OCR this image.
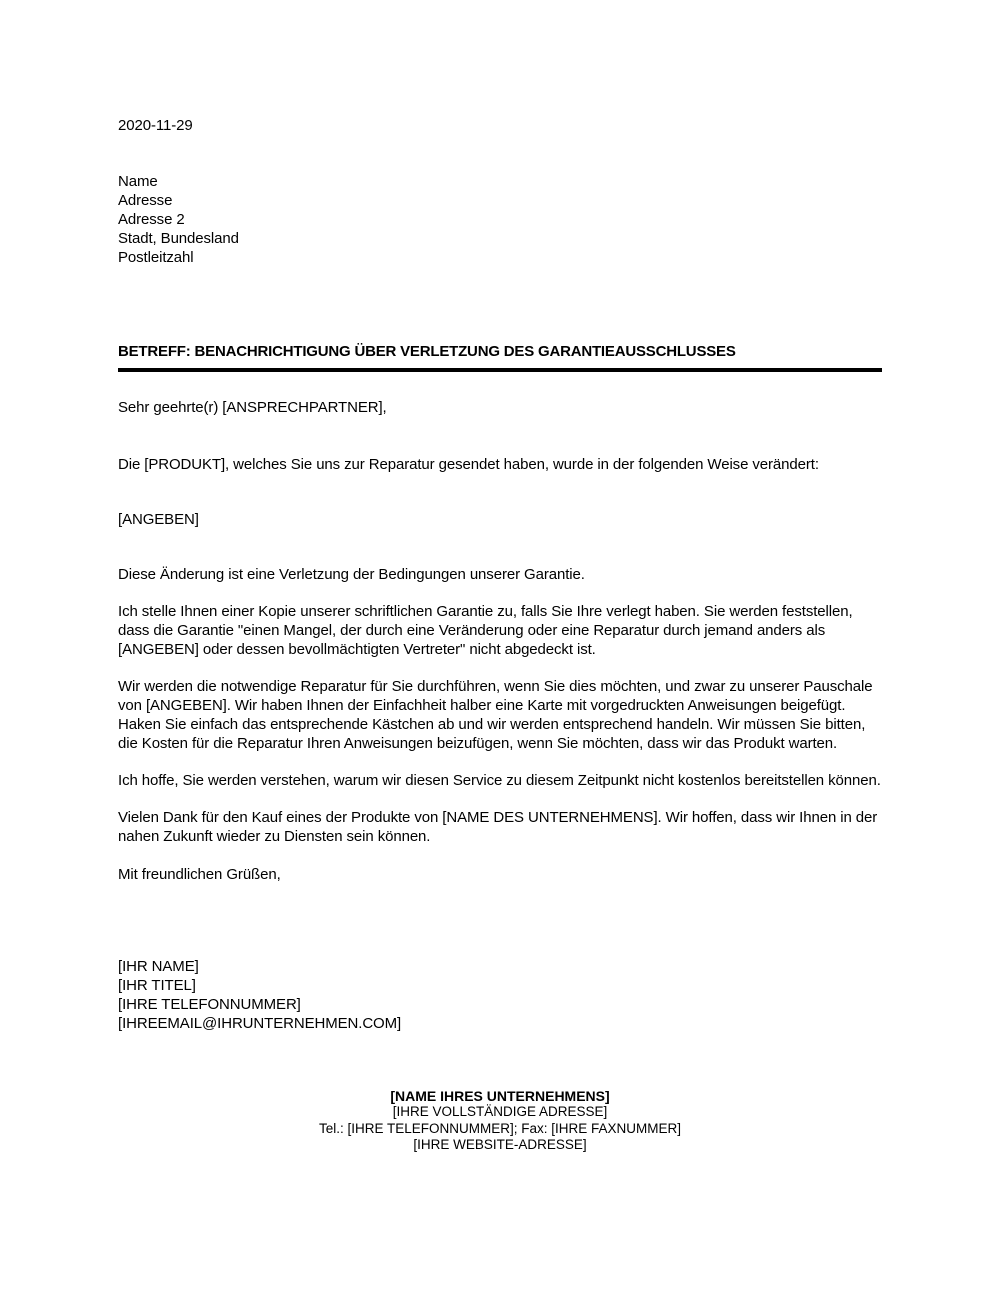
2020-11-29
Name
Adresse
Adresse 2
Stadt, Bundesland
Postleitzahl
BETREFF: BENACHRICHTIGUNG ÜBER VERLETZUNG DES GARANTIEAUSSCHLUSSES
Sehr geehrte(r) [ANSPRECHPARTNER],

Die [PRODUKT], welches Sie uns zur Reparatur gesendet haben, wurde in der folgenden Weise verändert:

[ANGEBEN]

Diese Änderung ist eine Verletzung der Bedingungen unserer Garantie.

Ich stelle Ihnen einer Kopie unserer schriftlichen Garantie zu, falls Sie Ihre verlegt haben. Sie werden feststellen, dass die Garantie "einen Mangel, der durch eine Veränderung oder eine Reparatur durch jemand anders als [ANGEBEN] oder dessen bevollmächtigten Vertreter" nicht abgedeckt ist.

Wir werden die notwendige Reparatur für Sie durchführen, wenn Sie dies möchten, und zwar zu unserer Pauschale von [ANGEBEN]. Wir haben Ihnen der Einfachheit halber eine Karte mit vorgedruckten Anweisungen beigefügt. Haken Sie einfach das entsprechende Kästchen ab und wir werden entsprechend handeln. Wir müssen Sie bitten, die Kosten für die Reparatur Ihren Anweisungen beizufügen, wenn Sie möchten, dass wir das Produkt warten.

Ich hoffe, Sie werden verstehen, warum wir diesen Service zu diesem Zeitpunkt nicht kostenlos bereitstellen können.

Vielen Dank für den Kauf eines der Produkte von [NAME DES UNTERNEHMENS]. Wir hoffen, dass wir Ihnen in der nahen Zukunft wieder zu Diensten sein können.

Mit freundlichen Grüßen,
[IHR NAME]
[IHR TITEL]
[IHRE TELEFONNUMMER]
[IHREEMAIL@IHRUNTERNEHMEN.COM]
[NAME IHRES UNTERNEHMENS]
[IHRE VOLLSTÄNDIGE ADRESSE]
Tel.: [IHRE TELEFONNUMMER]; Fax: [IHRE FAXNUMMER]
[IHRE WEBSITE-ADRESSE]
